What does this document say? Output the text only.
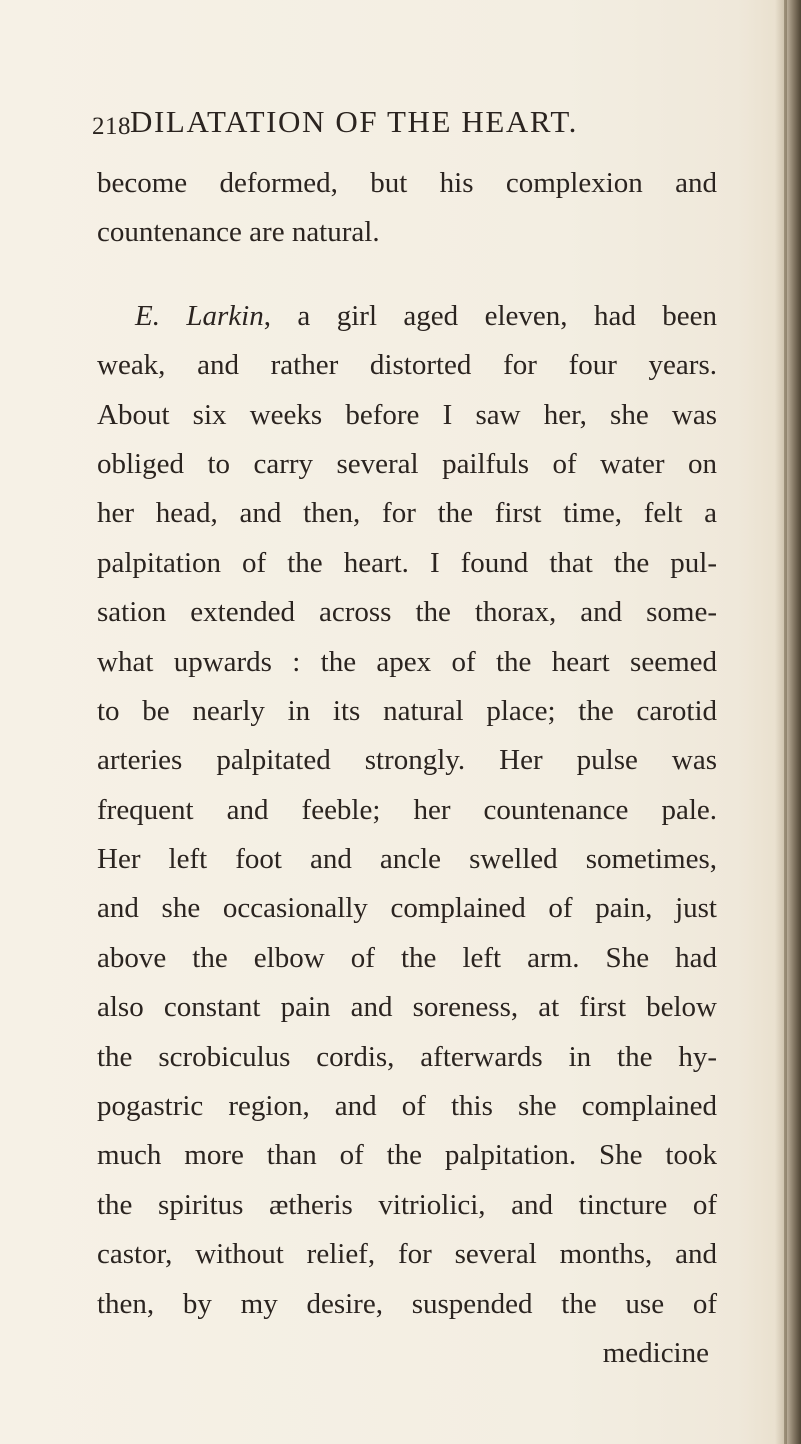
218 DILATATION OF THE HEART.
become deformed, but his complexion and
countenance are natural.
E. Larkin, a girl aged eleven, had been
weak, and rather distorted for four years.
About six weeks before I saw her, she was
obliged to carry several pailfuls of water on
her head, and then, for the first time, felt a
palpitation of the heart. I found that the pul-
sation extended across the thorax, and some-
what upwards : the apex of the heart seemed
to be nearly in its natural place; the carotid
arteries palpitated strongly. Her pulse was
frequent and feeble; her countenance pale.
Her left foot and ancle swelled sometimes,
and she occasionally complained of pain, just
above the elbow of the left arm. She had
also constant pain and soreness, at first below
the scrobiculus cordis, afterwards in the hy-
pogastric region, and of this she complained
much more than of the palpitation. She took
the spiritus ætheris vitriolici, and tincture of
castor, without relief, for several months, and
then, by my desire, suspended the use of
medicine
